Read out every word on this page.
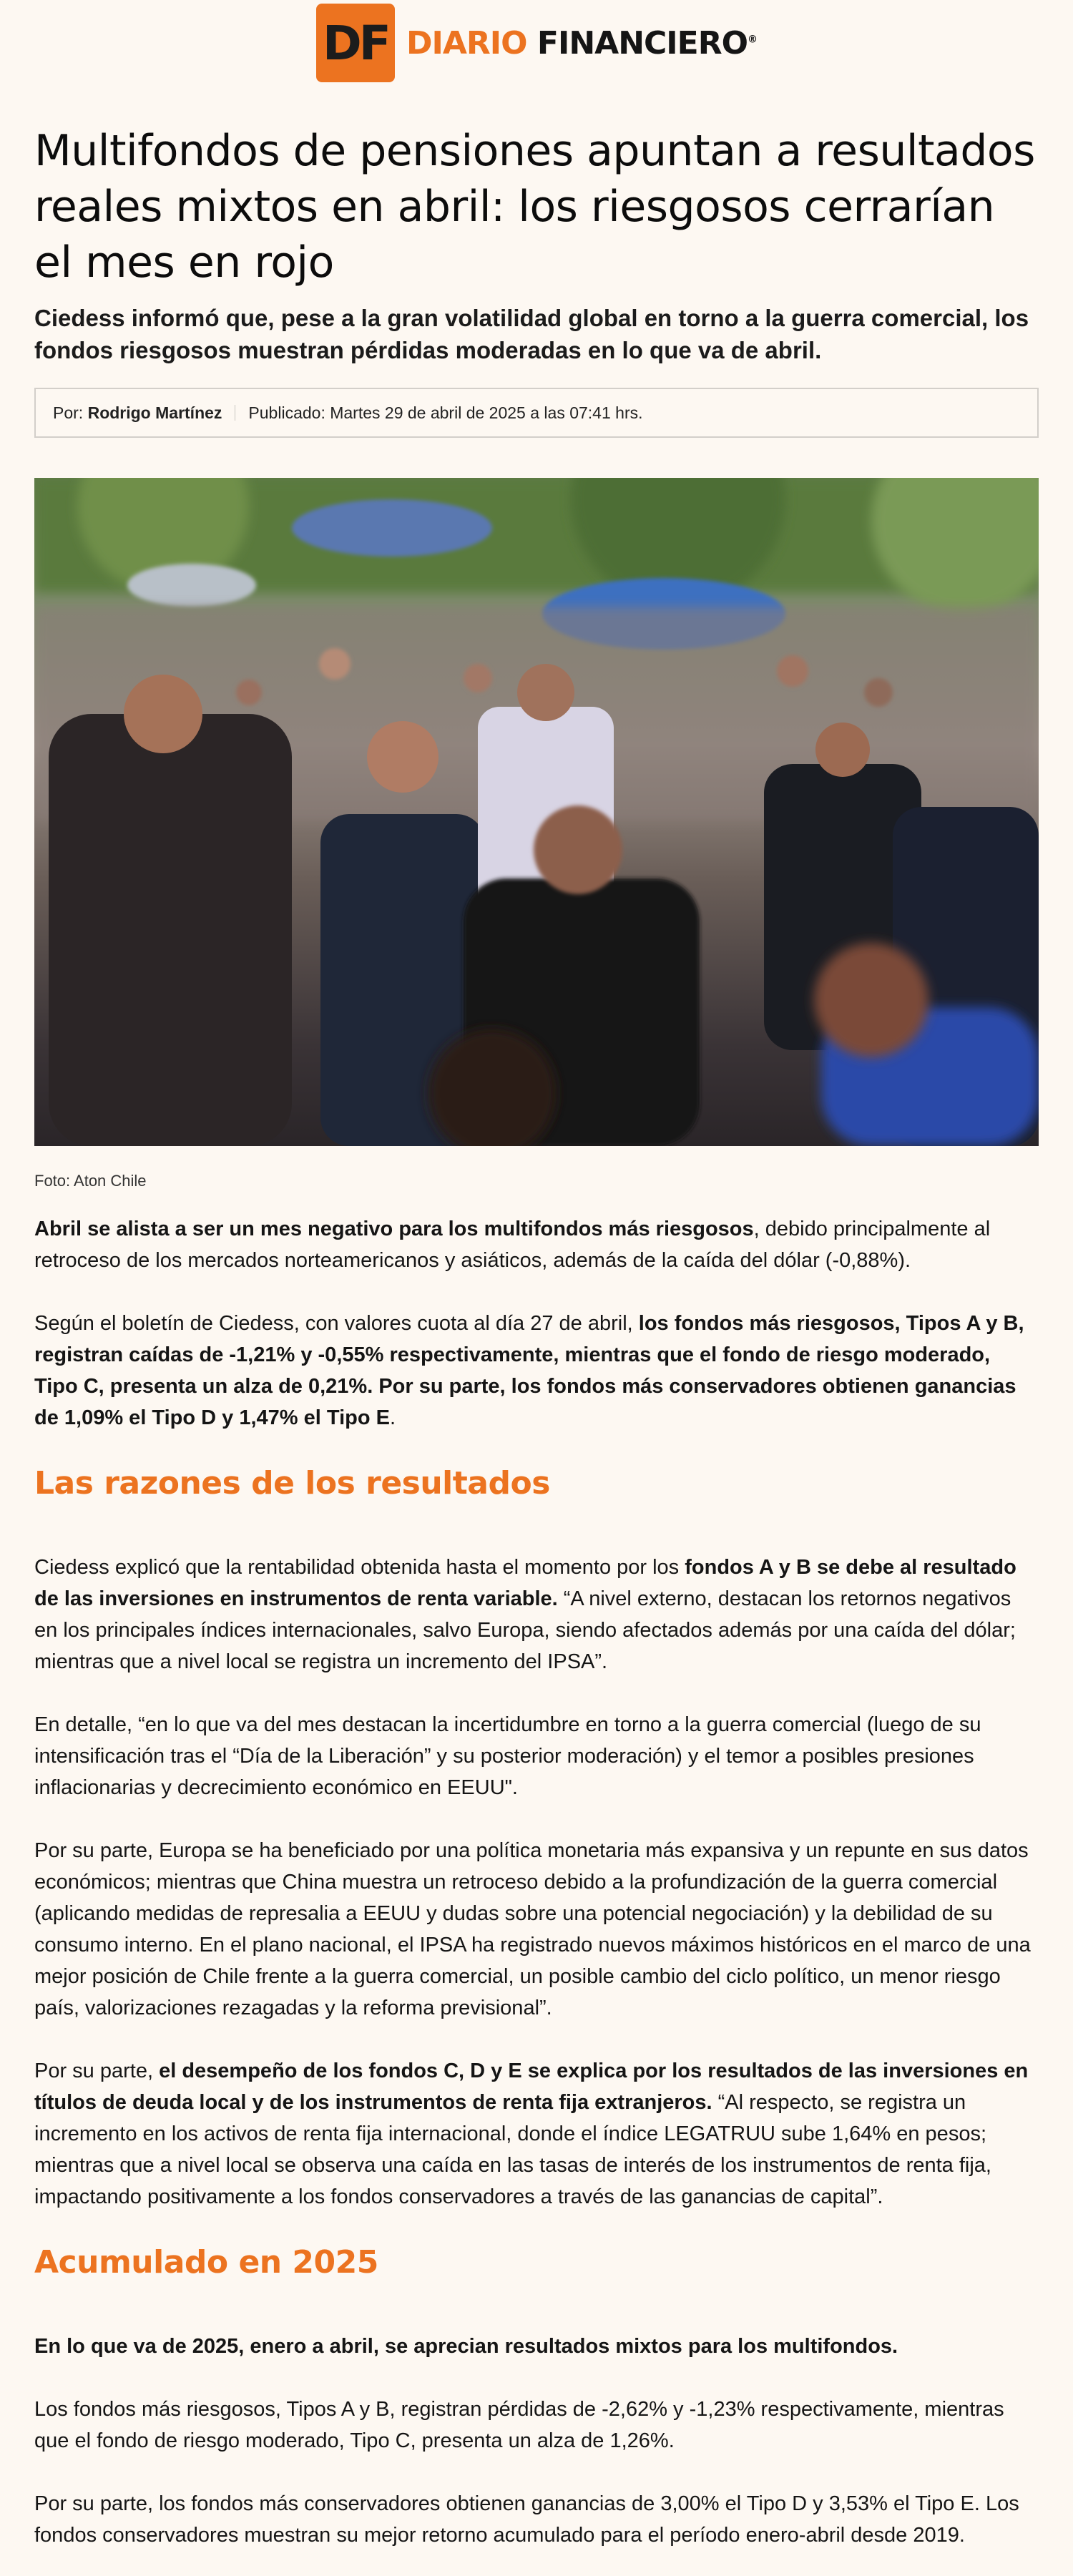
DF DIARIO FINANCIERO®
Multifondos de pensiones apuntan a resultados reales mixtos en abril: los riesgosos cerrarían el mes en rojo

Ciedess informó que, pese a la gran volatilidad global en torno a la guerra comercial, los fondos riesgosos muestran pérdidas moderadas en lo que va de abril.

Por:
Rodrigo Martínez Publicado: Martes 29 de abril de 2025 a las 07:41 hrs.

Foto: Aton Chile

Abril se alista a ser un mes negativo para los multifondos más riesgosos, debido principalmente al retroceso de los mercados norteamericanos y asiáticos, además de la caída del dólar (-0,88%).

Según el boletín de Ciedess, con valores cuota al día 27 de abril, los fondos más riesgosos, Tipos A y B, registran caídas de -1,21% y -0,55% respectivamente, mientras que el fondo de riesgo moderado, Tipo C, presenta un alza de 0,21%. Por su parte, los fondos más conservadores obtienen ganancias de 1,09% el Tipo D y 1,47% el Tipo E.

Las razones de los resultados

Ciedess explicó que la rentabilidad obtenida hasta el momento por los fondos A y B se debe al resultado de las inversiones en instrumentos de renta variable. “A nivel externo, destacan los retornos negativos en los principales índices internacionales, salvo Europa, siendo afectados además por una caída del dólar; mientras que a nivel local se registra un incremento del IPSA”.

En detalle, “en lo que va del mes destacan la incertidumbre en torno a la guerra comercial (luego de su intensificación tras el “Día de la Liberación” y su posterior moderación) y el temor a posibles presiones inflacionarias y decrecimiento económico en EEUU".

Por su parte, Europa se ha beneficiado por una política monetaria más expansiva y un repunte en sus datos económicos; mientras que China muestra un retroceso debido a la profundización de la guerra comercial (aplicando medidas de represalia a EEUU y dudas sobre una potencial negociación) y la debilidad de su consumo interno. En el plano nacional, el IPSA ha registrado nuevos máximos históricos en el marco de una mejor posición de Chile frente a la guerra comercial, un posible cambio del ciclo político, un menor riesgo país, valorizaciones rezagadas y la reforma previsional”.

Por su parte, el desempeño de los fondos C, D y E se explica por los resultados de las inversiones en títulos de deuda local y de los instrumentos de renta fija extranjeros. “Al respecto, se registra un incremento en los activos de renta fija internacional, donde el índice LEGATRUU sube 1,64% en pesos; mientras que a nivel local se observa una caída en las tasas de interés de los instrumentos de renta fija, impactando positivamente a los fondos conservadores a través de las ganancias de capital”.

Acumulado en 2025

En lo que va de 2025, enero a abril, se aprecian resultados mixtos para los multifondos.

Los fondos más riesgosos, Tipos A y B, registran pérdidas de -2,62% y -1,23% respectivamente, mientras que el fondo de riesgo moderado, Tipo C, presenta un alza de 1,26%.

Por su parte, los fondos más conservadores obtienen ganancias de 3,00% el Tipo D y 3,53% el Tipo E. Los fondos conservadores muestran su mejor retorno acumulado para el período enero-abril desde 2019.
